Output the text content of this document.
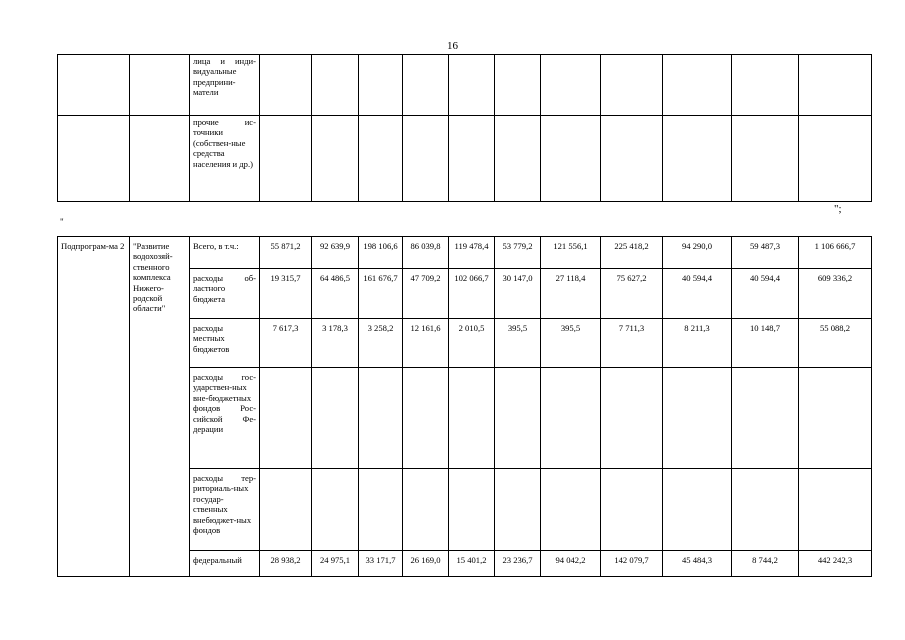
16
		лица и инди-видуальные предприни-матели											
		прочие ис-точники (собствен-ные средства населения и др.)											
";
"
Подпрограм-ма 2	"Развитие водохозяй-ственного комплекса Нижего-родской области"	Всего, в т.ч.:	55 871,2	92 639,9	198 106,6	86 039,8	119 478,4	53 779,2	121 556,1	225 418,2	94 290,0	59 487,3	1 106 666,7
		расходы об-ластного бюджета	19 315,7	64 486,5	161 676,7	47 709,2	102 066,7	30 147,0	27 118,4	75 627,2	40 594,4	40 594,4	609 336,2
		расходы местных бюджетов	7 617,3	3 178,3	3 258,2	12 161,6	2 010,5	395,5	395,5	7 711,3	8 211,3	10 148,7	55 088,2
		расходы гос-ударствен-ных вне-бюджетных фондов Рос-сийской Фе-дерации											
		расходы тер-риториаль-ных государ-ственных внебюджет-ных фондов											
		федеральный	28 938,2	24 975,1	33 171,7	26 169,0	15 401,2	23 236,7	94 042,2	142 079,7	45 484,3	8 744,2	442 242,3
